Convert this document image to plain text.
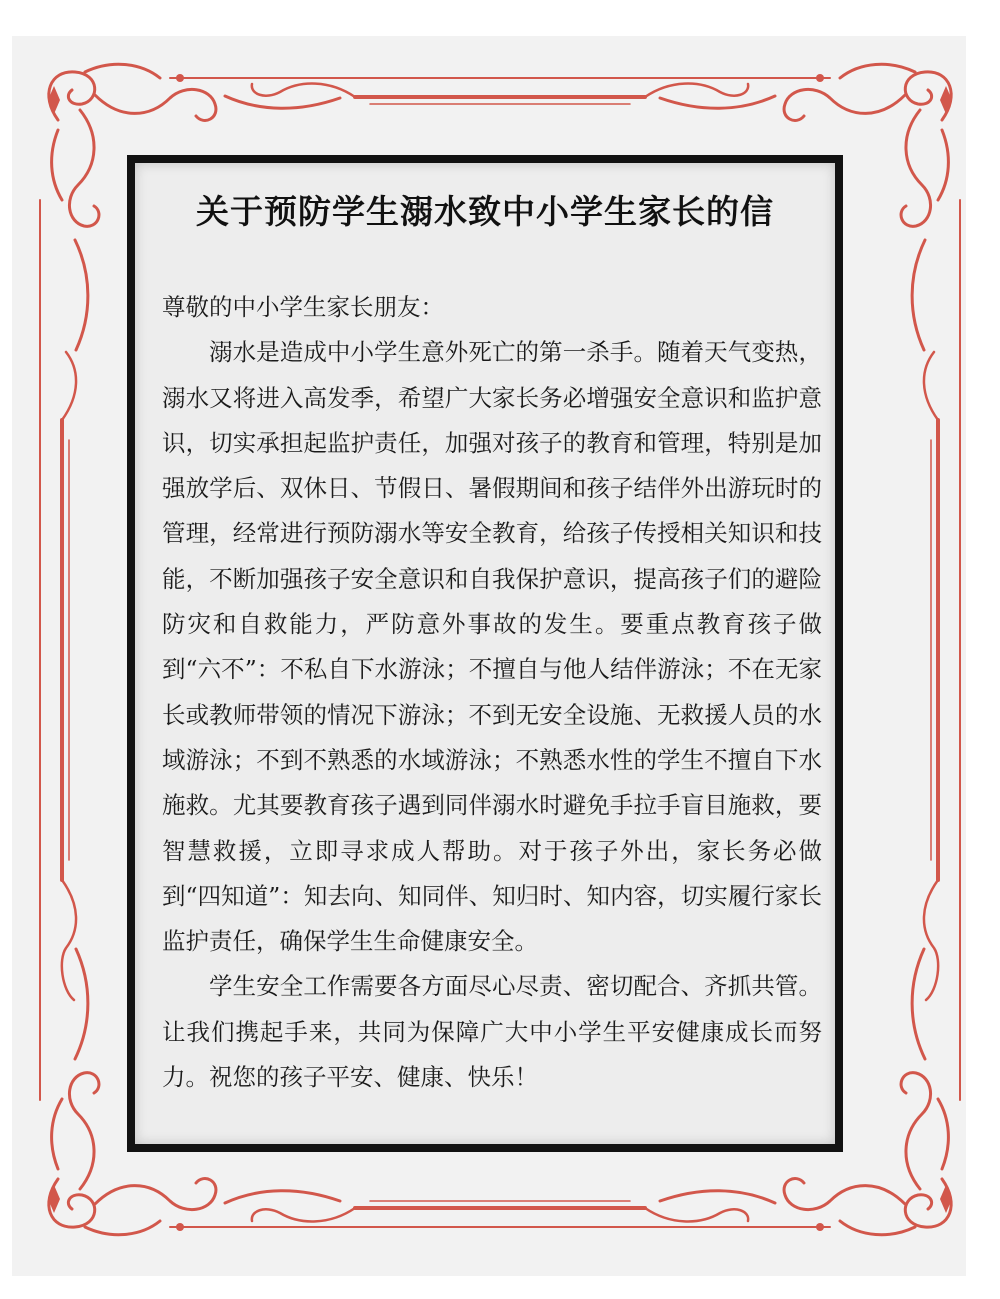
关于预防学生溺水致中小学生家长的信

尊敬的中小学生家长朋友：

溺水是造成中小学生意外死亡的第一杀手。随着天气变热，溺水又将进入高发季，希望广大家长务必增强安全意识和监护意识，切实承担起监护责任，加强对孩子的教育和管理，特别是加强放学后、双休日、节假日、暑假期间和孩子结伴外出游玩时的管理，经常进行预防溺水等安全教育，给孩子传授相关知识和技能，不断加强孩子安全意识和自我保护意识，提高孩子们的避险防灾和自救能力，严防意外事故的发生。要重点教育孩子做到“六不”：不私自下水游泳；不擅自与他人结伴游泳；不在无家长或教师带领的情况下游泳；不到无安全设施、无救援人员的水域游泳；不到不熟悉的水域游泳；不熟悉水性的学生不擅自下水施救。尤其要教育孩子遇到同伴溺水时避免手拉手盲目施救，要智慧救援，立即寻求成人帮助。对于孩子外出，家长务必做到“四知道”：知去向、知同伴、知归时、知内容，切实履行家长监护责任，确保学生生命健康安全。

学生安全工作需要各方面尽心尽责、密切配合、齐抓共管。让我们携起手来，共同为保障广大中小学生平安健康成长而努力。祝您的孩子平安、健康、快乐！
